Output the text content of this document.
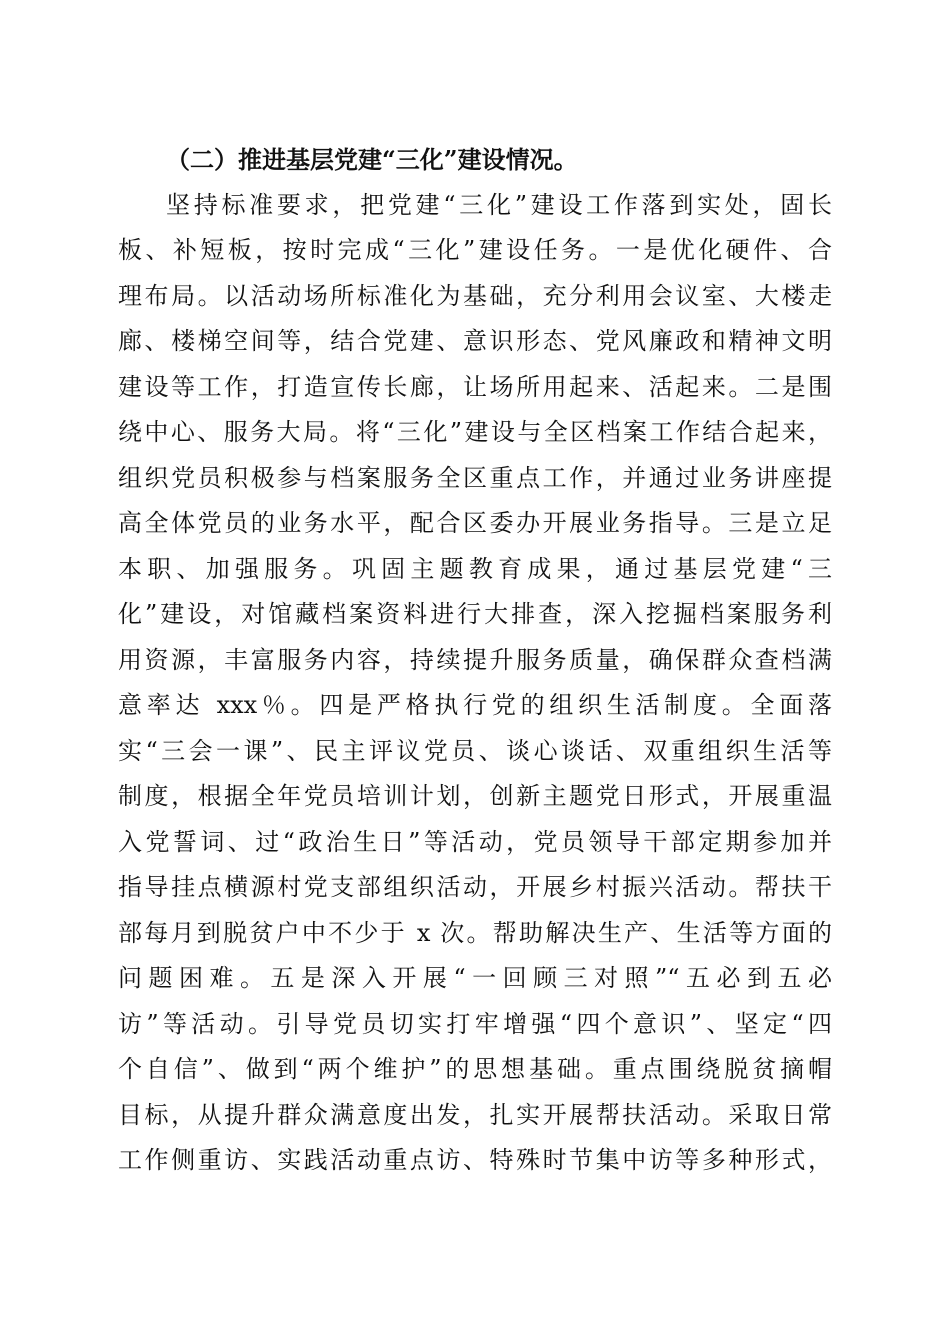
（二）推进基层党建“三化”建设情况。

坚持标准要求，把党建“三化”建设工作落到实处，固长
板、补短板，按时完成“三化”建设任务。一是优化硬件、合
理布局。以活动场所标准化为基础，充分利用会议室、大楼走
廊、楼梯空间等，结合党建、意识形态、党风廉政和精神文明
建设等工作，打造宣传长廊，让场所用起来、活起来。二是围
绕中心、服务大局。将“三化”建设与全区档案工作结合起来，
组织党员积极参与档案服务全区重点工作，并通过业务讲座提
高全体党员的业务水平，配合区委办开展业务指导。三是立足
本职、加强服务。巩固主题教育成果，通过基层党建“三
化”建设，对馆藏档案资料进行大排查，深入挖掘档案服务利
用资源，丰富服务内容，持续提升服务质量，确保群众查档满
意率达 xxx％。四是严格执行党的组织生活制度。全面落
实“三会一课”、民主评议党员、谈心谈话、双重组织生活等
制度，根据全年党员培训计划，创新主题党日形式，开展重温
入党誓词、过“政治生日”等活动，党员领导干部定期参加并
指导挂点横源村党支部组织活动，开展乡村振兴活动。帮扶干
部每月到脱贫户中不少于 x 次。帮助解决生产、生活等方面的
问题困难。五是深入开展“一回顾三对照”“五必到五必
访”等活动。引导党员切实打牢增强“四个意识”、坚定“四
个自信”、做到“两个维护”的思想基础。重点围绕脱贫摘帽
目标，从提升群众满意度出发，扎实开展帮扶活动。采取日常
工作侧重访、实践活动重点访、特殊时节集中访等多种形式，
